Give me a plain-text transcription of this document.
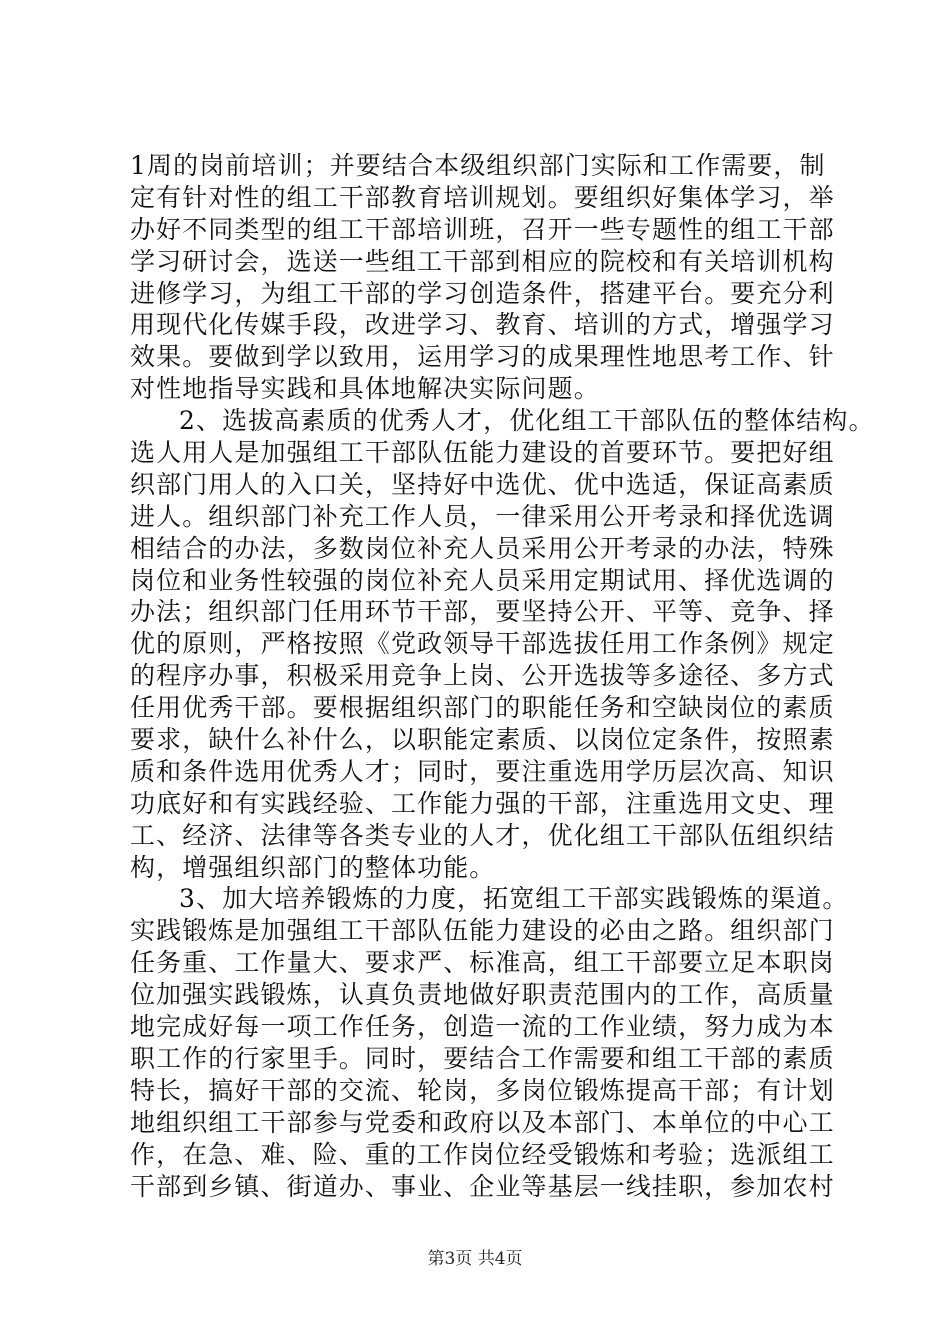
1周的岗前培训；并要结合本级组织部门实际和工作需要，制
定有针对性的组工干部教育培训规划。要组织好集体学习，举
办好不同类型的组工干部培训班，召开一些专题性的组工干部
学习研讨会，选送一些组工干部到相应的院校和有关培训机构
进修学习，为组工干部的学习创造条件，搭建平台。要充分利
用现代化传媒手段，改进学习、教育、培训的方式，增强学习
效果。要做到学以致用，运用学习的成果理性地思考工作、针
对性地指导实践和具体地解决实际问题。
2、选拔高素质的优秀人才，优化组工干部队伍的整体结构。
选人用人是加强组工干部队伍能力建设的首要环节。要把好组
织部门用人的入口关，坚持好中选优、优中选适，保证高素质
进人。组织部门补充工作人员，一律采用公开考录和择优选调
相结合的办法，多数岗位补充人员采用公开考录的办法，特殊
岗位和业务性较强的岗位补充人员采用定期试用、择优选调的
办法；组织部门任用环节干部，要坚持公开、平等、竞争、择
优的原则，严格按照《党政领导干部选拔任用工作条例》规定
的程序办事，积极采用竞争上岗、公开选拔等多途径、多方式
任用优秀干部。要根据组织部门的职能任务和空缺岗位的素质
要求，缺什么补什么，以职能定素质、以岗位定条件，按照素
质和条件选用优秀人才；同时，要注重选用学历层次高、知识
功底好和有实践经验、工作能力强的干部，注重选用文史、理
工、经济、法律等各类专业的人才，优化组工干部队伍组织结
构，增强组织部门的整体功能。
3、加大培养锻炼的力度，拓宽组工干部实践锻炼的渠道。
实践锻炼是加强组工干部队伍能力建设的必由之路。组织部门
任务重、工作量大、要求严、标准高，组工干部要立足本职岗
位加强实践锻炼，认真负责地做好职责范围内的工作，高质量
地完成好每一项工作任务，创造一流的工作业绩，努力成为本
职工作的行家里手。同时，要结合工作需要和组工干部的素质
特长，搞好干部的交流、轮岗，多岗位锻炼提高干部；有计划
地组织组工干部参与党委和政府以及本部门、本单位的中心工
作，在急、难、险、重的工作岗位经受锻炼和考验；选派组工
干部到乡镇、街道办、事业、企业等基层一线挂职，参加农村
第3页 共4页
